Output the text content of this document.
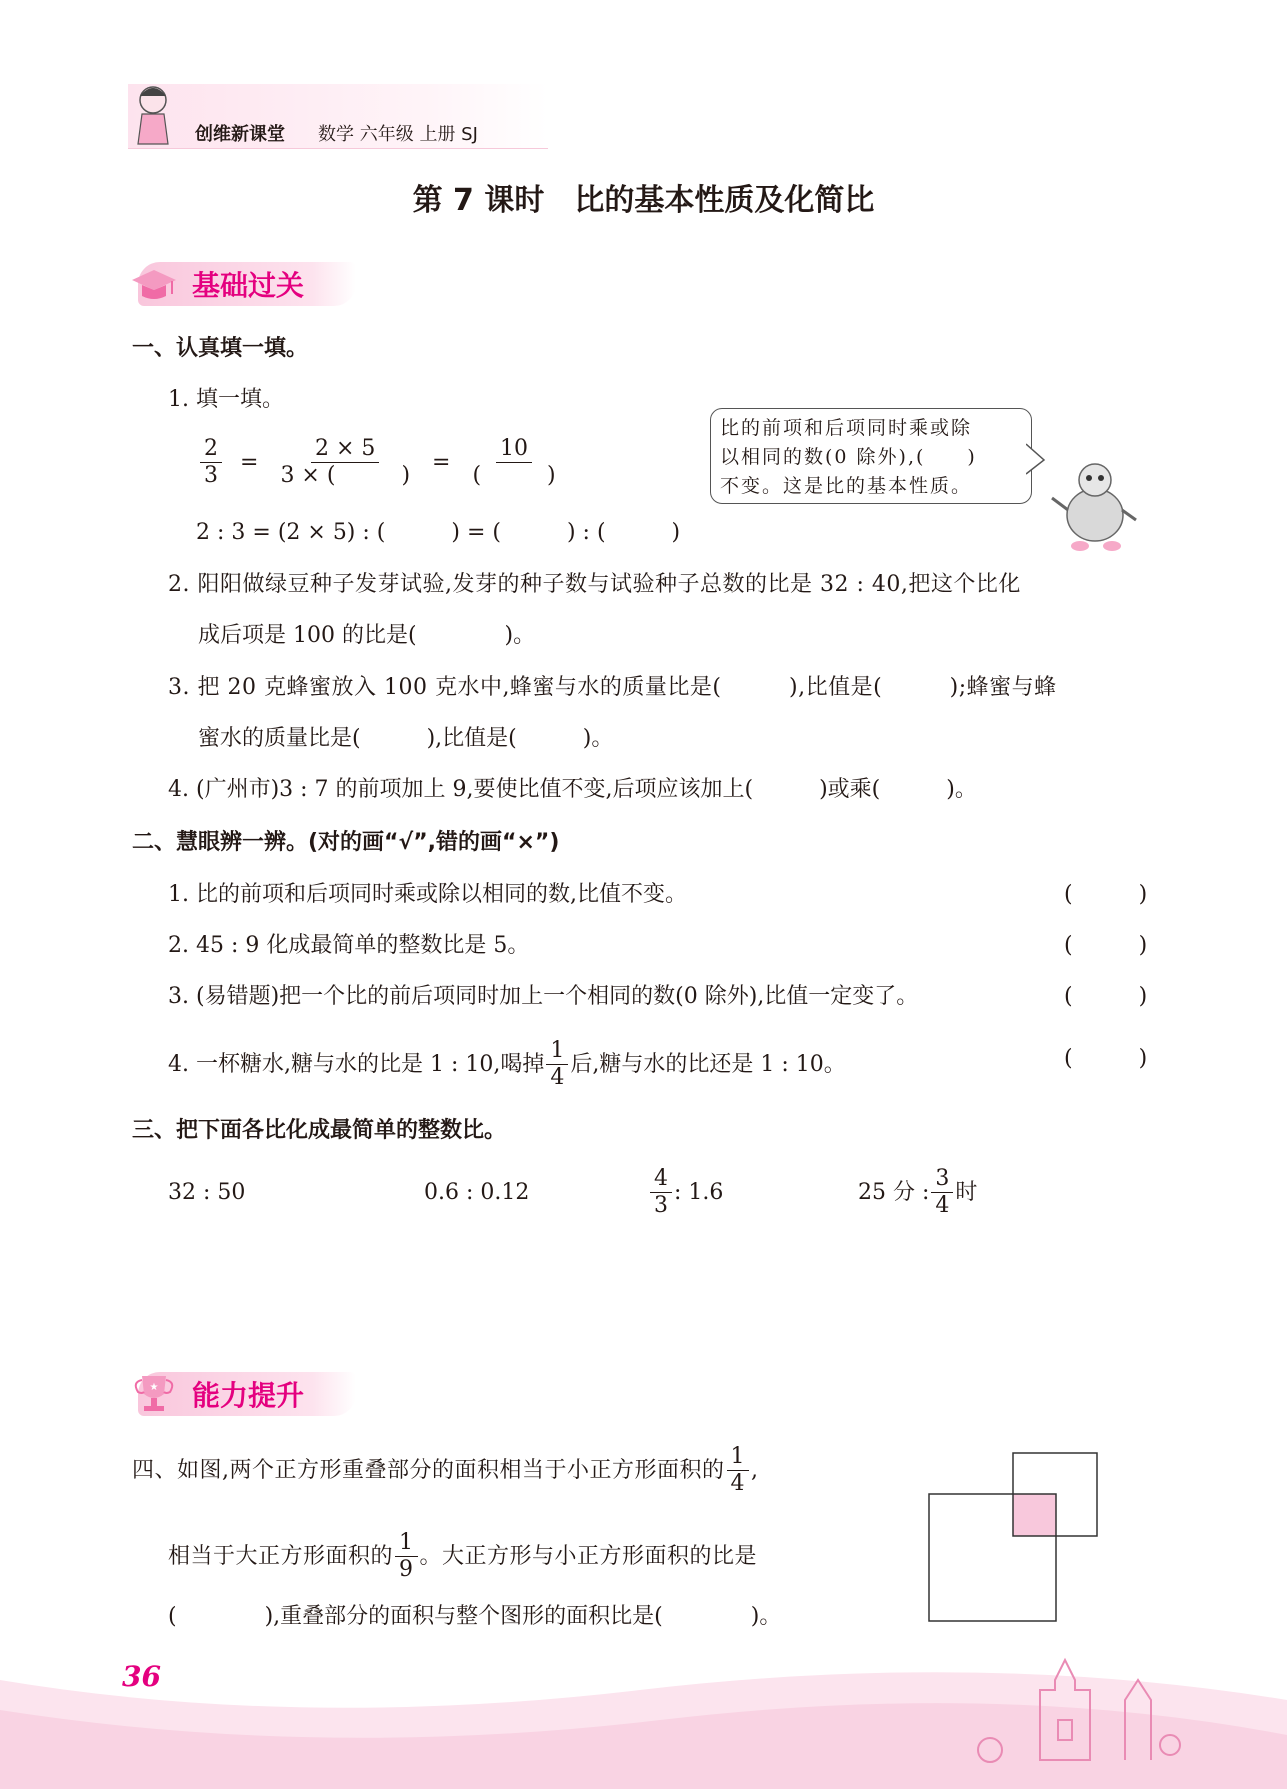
创维新课堂 数学 六年级 上册 SJ
第 7 课时　比的基本性质及化简比
基础过关
一、认真填一填。
1. 填一填。
$\frac{2}{3} = \frac{2 \times 5}{3 \times ( )} = \frac{10}{( )}$
2 : 3 = (2 × 5) : (　　　) = (　　　) : (　　　)
比的前项和后项同时乘或除
以相同的数(0 除外),(　　)
不变。这是比的基本性质。
2. 阳阳做绿豆种子发芽试验,发芽的种子数与试验种子总数的比是 32 : 40,把这个比化
成后项是 100 的比是(　　　　)。
3. 把 20 克蜂蜜放入 100 克水中,蜂蜜与水的质量比是(　　　),比值是(　　　);蜂蜜与蜂
蜜水的质量比是(　　　),比值是(　　　)。
4. (广州市)3 : 7 的前项加上 9,要使比值不变,后项应该加上(　　　)或乘(　　　)。
二、慧眼辨一辨。(对的画“√”,错的画“×”)
1. 比的前项和后项同时乘或除以相同的数,比值不变。	(　　　)
2. 45 : 9 化成最简单的整数比是 5。	(　　　)
3. (易错题)把一个比的前后项同时加上一个相同的数(0 除外),比值一定变了。	(　　　)
4. 一杯糖水,糖与水的比是 1 : 10,喝掉 $\frac{1}{4}$ 后,糖与水的比还是 1 : 10。	(　　　)
三、把下面各比化成最简单的整数比。
32 : 50	0.6 : 0.12	$\frac{4}{3}$ : 1.6	25 分 : $\frac{3}{4}$ 时
★ 能力提升
四、如图,两个正方形重叠部分的面积相当于小正方形面积的 $\frac{1}{4}$ ,
相当于大正方形面积的 $\frac{1}{9}$ 。大正方形与小正方形面积的比是
(　　　　),重叠部分的面积与整个图形的面积比是(　　　　)。
36
